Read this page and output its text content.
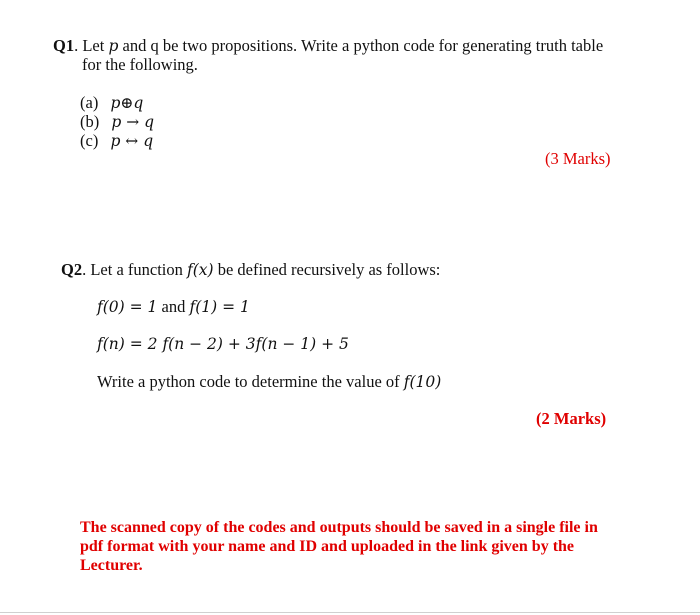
Q1. Let p and q be two propositions. Write a python code for generating truth table
for the following.
(a) p⊕q
(b) p → q
(c) p ↔ q
(3 Marks)
Q2. Let a function f(x) be defined recursively as follows:
f(0) = 1 and f(1) = 1
f(n) = 2 f(n − 2) + 3f(n − 1) + 5
Write a python code to determine the value of f(10)
(2 Marks)
The scanned copy of the codes and outputs should be saved in a single file in pdf format with your name and ID and uploaded in the link given by the Lecturer.
